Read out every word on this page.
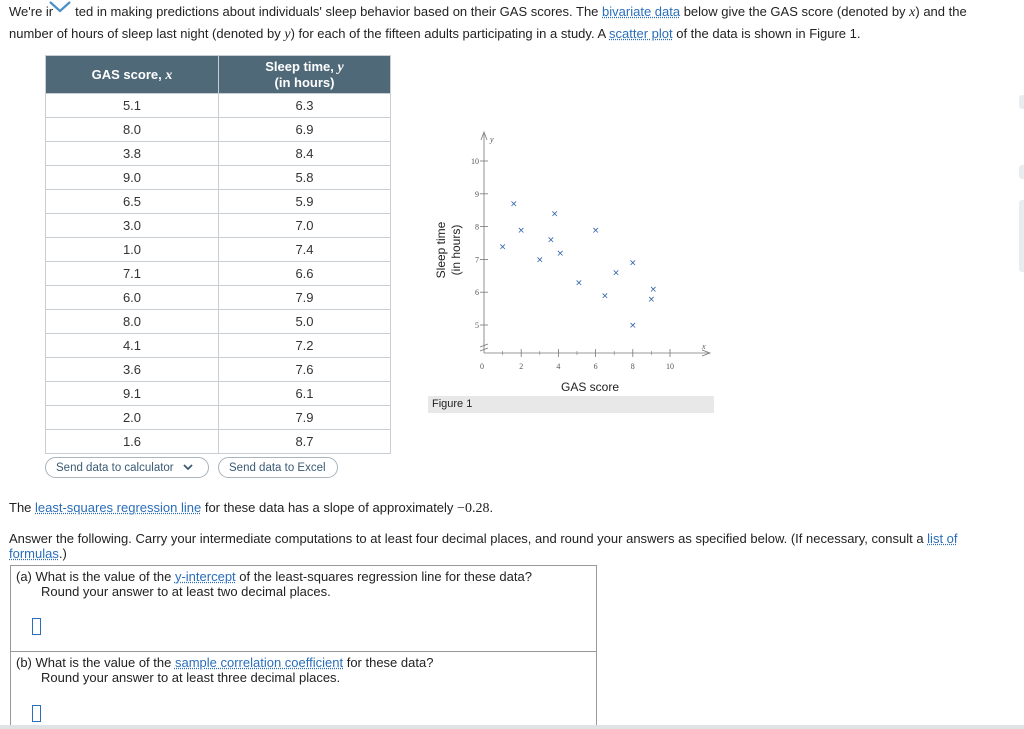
We're ir ted in making predictions about individuals' sleep behavior based on their GAS scores. The bivariate data below give the GAS score (denoted by x) and the number of hours of sleep last night (denoted by y) for each of the fifteen adults participating in a study. A scatter plot of the data is shown in Figure 1.
GAS score, x	Sleep time, y
(in hours)
5.1	6.3
8.0	6.9
3.8	8.4
9.0	5.8
6.5	5.9
3.0	7.0
1.0	7.4
7.1	6.6
6.0	7.9
8.0	5.0
4.1	7.2
3.6	7.6
9.1	6.1
2.0	7.9
1.6	8.7
Send data to calculator	Send data to Excel
y
x
0	2	4	6	8	10
5
6
7
8
9
10
×
×
×
×
×
×
×
×
×
×
×
×
×
×
×
GAS score
Sleep time (in hours)
Figure 1
The least-squares regression line for these data has a slope of approximately −0.28.
Answer the following. Carry your intermediate computations to at least four decimal places, and round your answers as specified below. (If necessary, consult a list of formulas.)
(a) What is the value of the y-intercept of the least-squares regression line for these data?
Round your answer to at least two decimal places.
(b) What is the value of the sample correlation coefficient for these data?
Round your answer to at least three decimal places.
